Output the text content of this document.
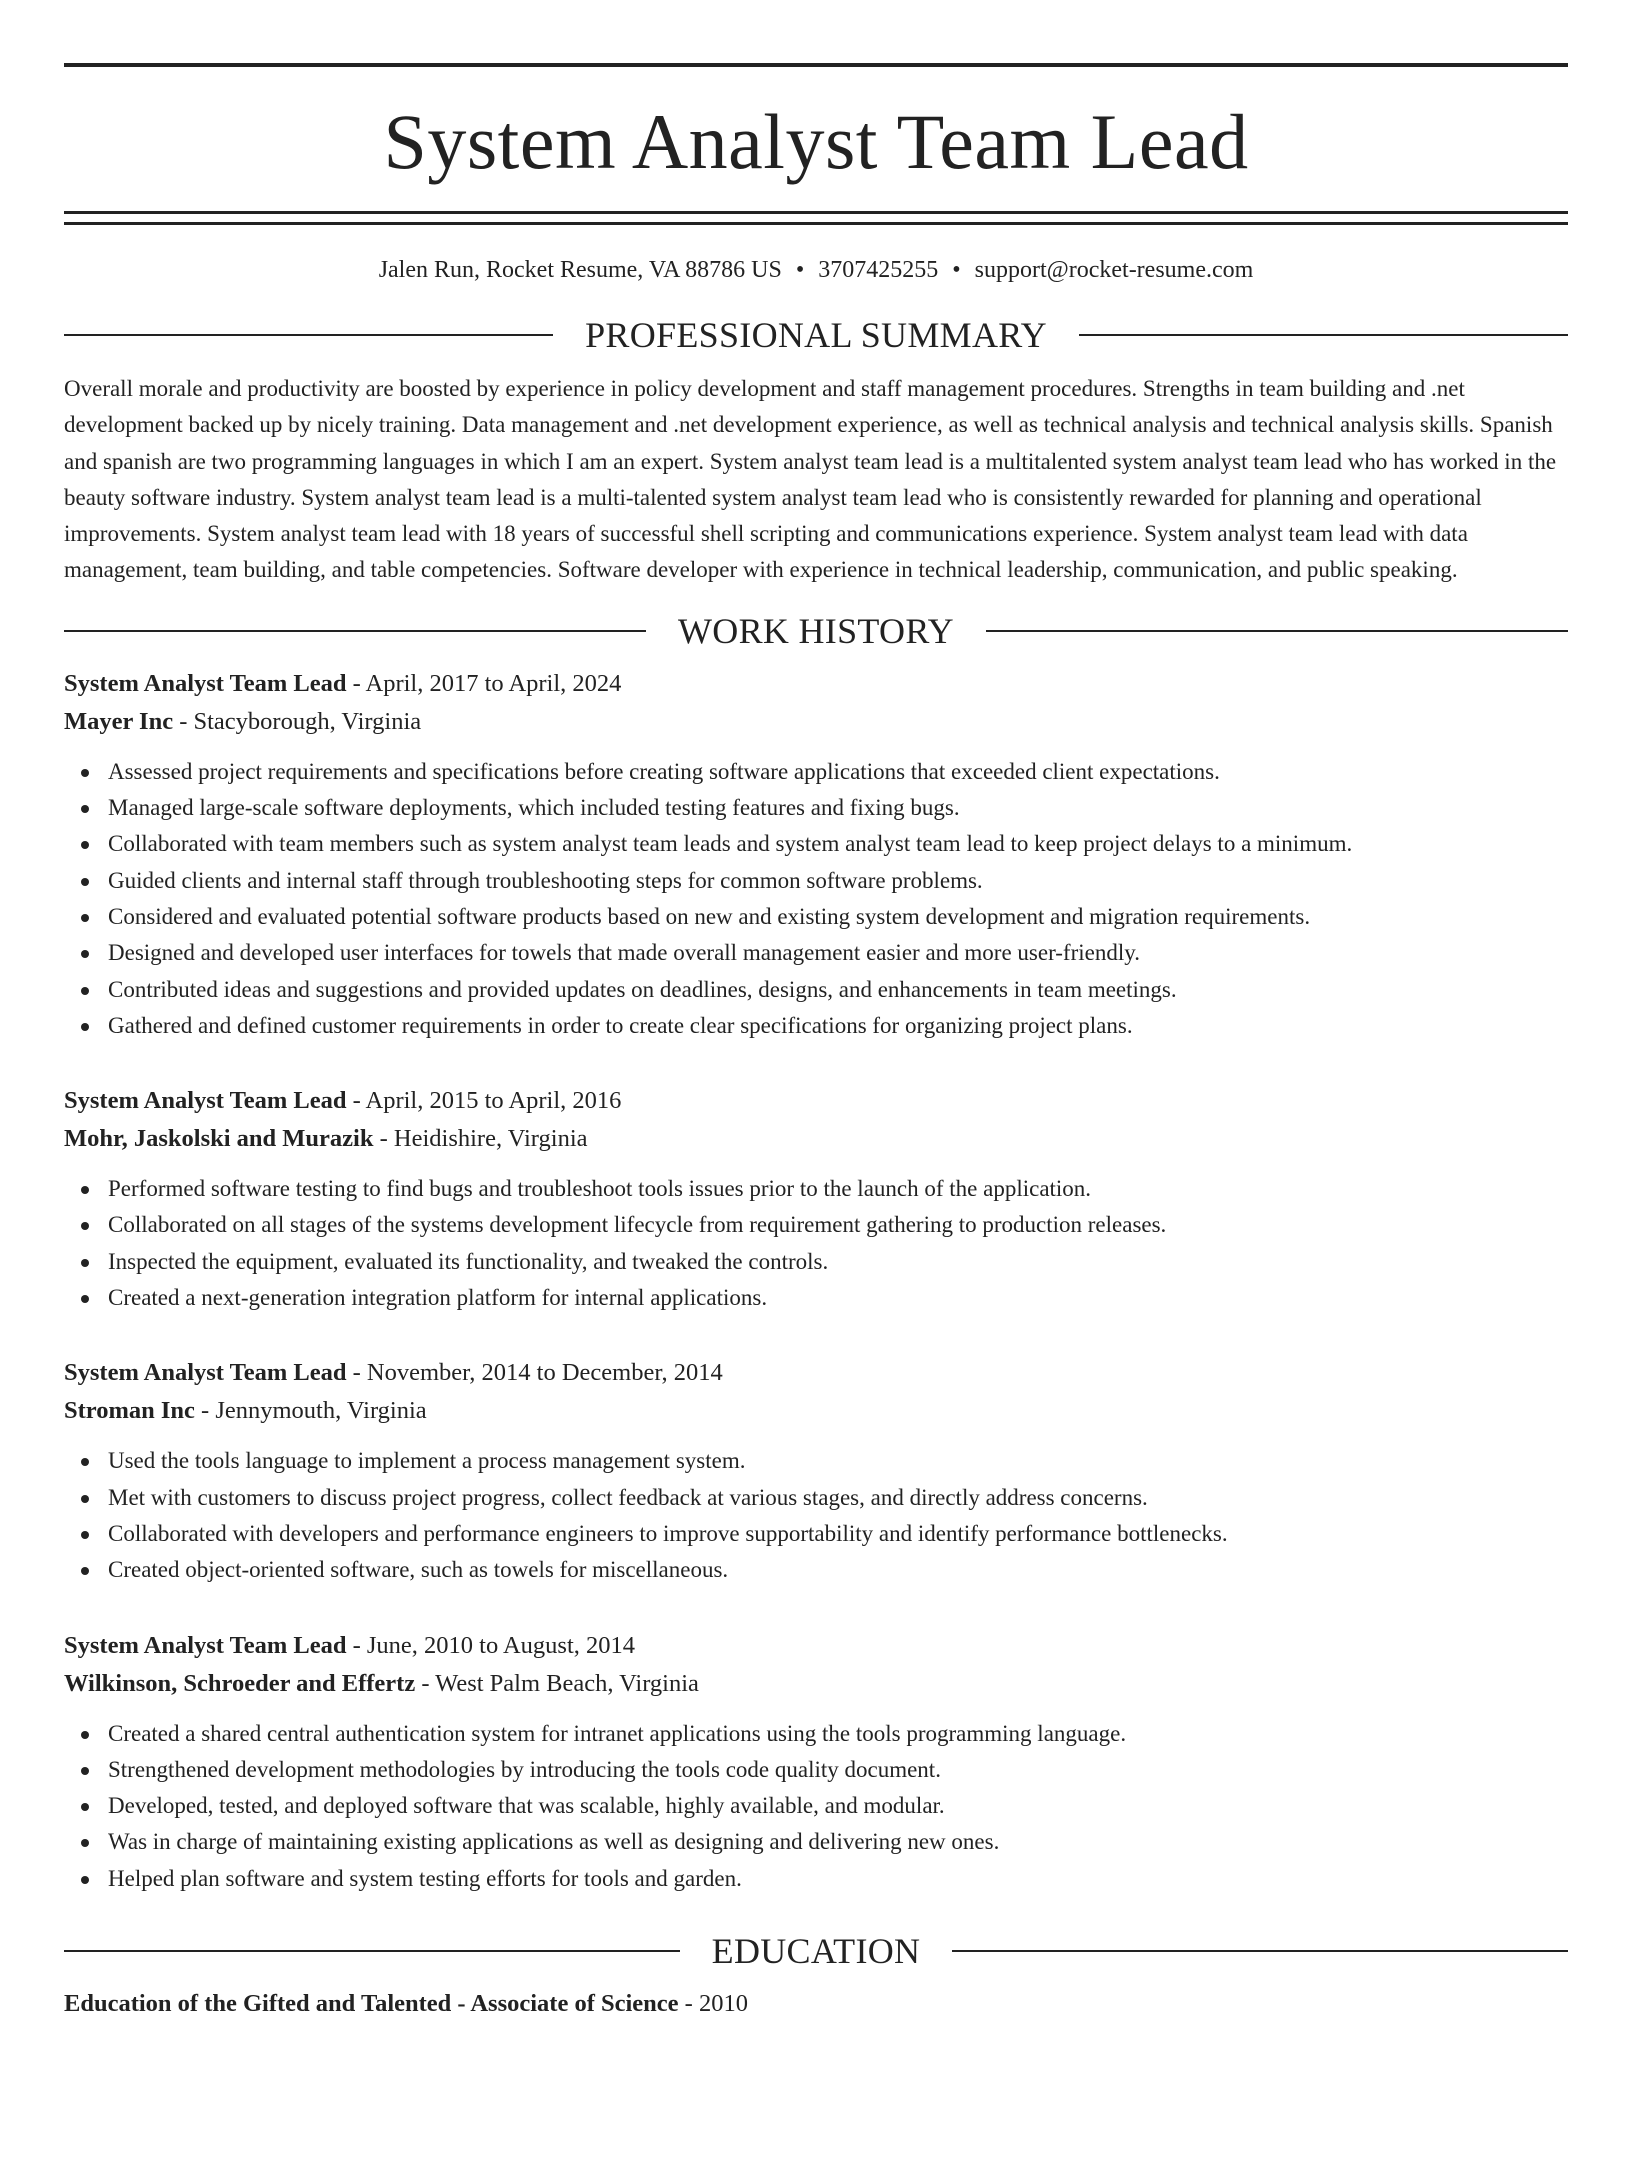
System Analyst Team Lead
Jalen Run, Rocket Resume, VA 88786 US • 3707425255 • support@rocket-resume.com
PROFESSIONAL SUMMARY

Overall morale and productivity are boosted by experience in policy development and staff management procedures. Strengths in team building and .net development backed up by nicely training. Data management and .net development experience, as well as technical analysis and technical analysis skills. Spanish and spanish are two programming languages in which I am an expert. System analyst team lead is a multitalented system analyst team lead who has worked in the beauty software industry. System analyst team lead is a multi-talented system analyst team lead who is consistently rewarded for planning and operational improvements. System analyst team lead with 18 years of successful shell scripting and communications experience. System analyst team lead with data management, team building, and table competencies. Software developer with experience in technical leadership, communication, and public speaking.

WORK HISTORY
System Analyst Team Lead - April, 2017 to April, 2024
Mayer Inc - Stacyborough, Virginia
Assessed project requirements and specifications before creating software applications that exceeded client expectations.
Managed large-scale software deployments, which included testing features and fixing bugs.
Collaborated with team members such as system analyst team leads and system analyst team lead to keep project delays to a minimum.
Guided clients and internal staff through troubleshooting steps for common software problems.
Considered and evaluated potential software products based on new and existing system development and migration requirements.
Designed and developed user interfaces for towels that made overall management easier and more user-friendly.
Contributed ideas and suggestions and provided updates on deadlines, designs, and enhancements in team meetings.
Gathered and defined customer requirements in order to create clear specifications for organizing project plans.
System Analyst Team Lead - April, 2015 to April, 2016
Mohr, Jaskolski and Murazik - Heidishire, Virginia
Performed software testing to find bugs and troubleshoot tools issues prior to the launch of the application.
Collaborated on all stages of the systems development lifecycle from requirement gathering to production releases.
Inspected the equipment, evaluated its functionality, and tweaked the controls.
Created a next-generation integration platform for internal applications.
System Analyst Team Lead - November, 2014 to December, 2014
Stroman Inc - Jennymouth, Virginia
Used the tools language to implement a process management system.
Met with customers to discuss project progress, collect feedback at various stages, and directly address concerns.
Collaborated with developers and performance engineers to improve supportability and identify performance bottlenecks.
Created object-oriented software, such as towels for miscellaneous.
System Analyst Team Lead - June, 2010 to August, 2014
Wilkinson, Schroeder and Effertz - West Palm Beach, Virginia
Created a shared central authentication system for intranet applications using the tools programming language.
Strengthened development methodologies by introducing the tools code quality document.
Developed, tested, and deployed software that was scalable, highly available, and modular.
Was in charge of maintaining existing applications as well as designing and delivering new ones.
Helped plan software and system testing efforts for tools and garden.
EDUCATION
Education of the Gifted and Talented - Associate of Science - 2010
